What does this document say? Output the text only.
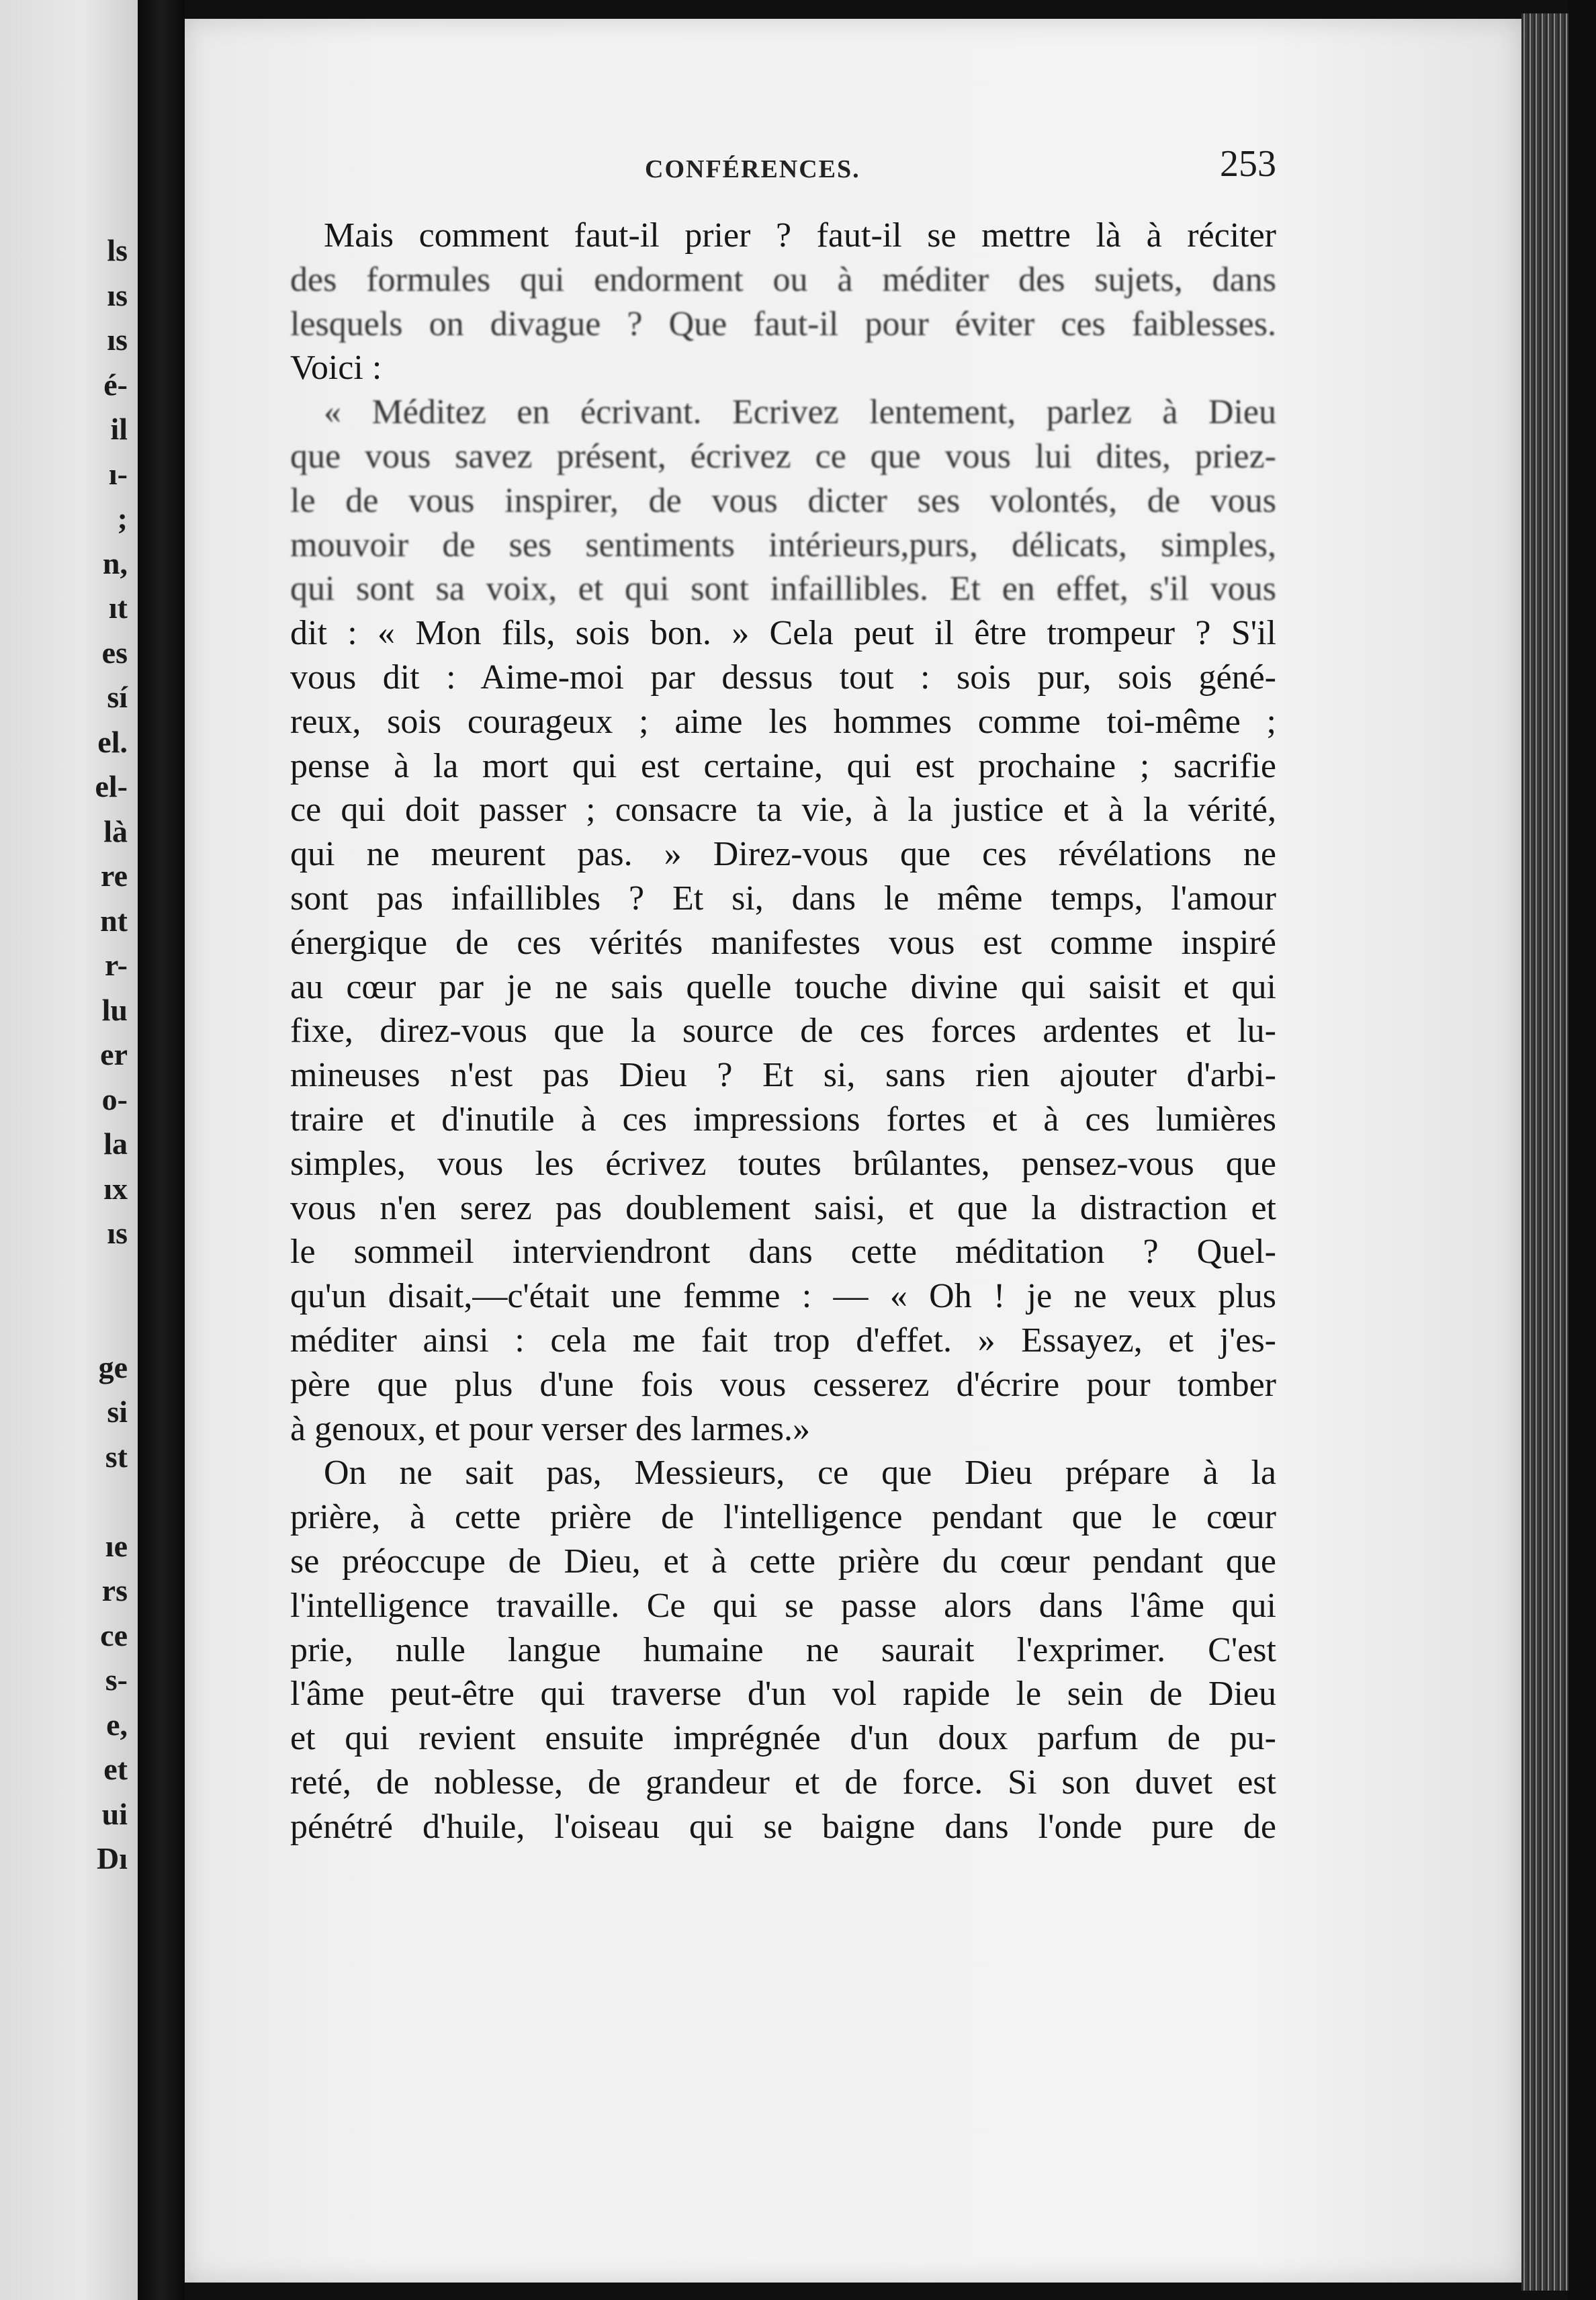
ls
ıs
ıs
é-
il
ı-
;
n,
ıt
es
sí
el.
el-
là
re
nt
r-
lu
er
o-
la
ıx
ıs
ge
si
st
ıe
rs
ce
s-
e,
et
ui
Dı
CONFÉRENCES.	253
Mais comment faut-il prier ? faut-il se mettre là à réciter
des formules qui endorment ou à méditer des sujets, dans
lesquels on divague ? Que faut-il pour éviter ces faiblesses.
Voici :
« Méditez en écrivant. Ecrivez lentement, parlez à Dieu
que vous savez présent, écrivez ce que vous lui dites, priez-
le de vous inspirer, de vous dicter ses volontés, de vous
mouvoir de ses sentiments intérieurs,purs, délicats, simples,
qui sont sa voix, et qui sont infaillibles. Et en effet, s'il vous
dit : « Mon fils, sois bon. » Cela peut il être trompeur ? S'il
vous dit : Aime-moi par dessus tout : sois pur, sois géné-
reux, sois courageux ; aime les hommes comme toi-même ;
pense à la mort qui est certaine, qui est prochaine ; sacrifie
ce qui doit passer ; consacre ta vie, à la justice et à la vérité,
qui ne meurent pas. » Direz-vous que ces révélations ne
sont pas infaillibles ? Et si, dans le même temps, l'amour
énergique de ces vérités manifestes vous est comme inspiré
au cœur par je ne sais quelle touche divine qui saisit et qui
fixe, direz-vous que la source de ces forces ardentes et lu-
mineuses n'est pas Dieu ? Et si, sans rien ajouter d'arbi-
traire et d'inutile à ces impressions fortes et à ces lumières
simples, vous les écrivez toutes brûlantes, pensez-vous que
vous n'en serez pas doublement saisi, et que la distraction et
le sommeil interviendront dans cette méditation ? Quel-
qu'un disait,—c'était une femme : — « Oh ! je ne veux plus
méditer ainsi : cela me fait trop d'effet. » Essayez, et j'es-
père que plus d'une fois vous cesserez d'écrire pour tomber
à genoux, et pour verser des larmes.»
On ne sait pas, Messieurs, ce que Dieu prépare à la
prière, à cette prière de l'intelligence pendant que le cœur
se préoccupe de Dieu, et à cette prière du cœur pendant que
l'intelligence travaille. Ce qui se passe alors dans l'âme qui
prie, nulle langue humaine ne saurait l'exprimer. C'est
l'âme peut-être qui traverse d'un vol rapide le sein de Dieu
et qui revient ensuite imprégnée d'un doux parfum de pu-
reté, de noblesse, de grandeur et de force. Si son duvet est
pénétré d'huile, l'oiseau qui se baigne dans l'onde pure de
